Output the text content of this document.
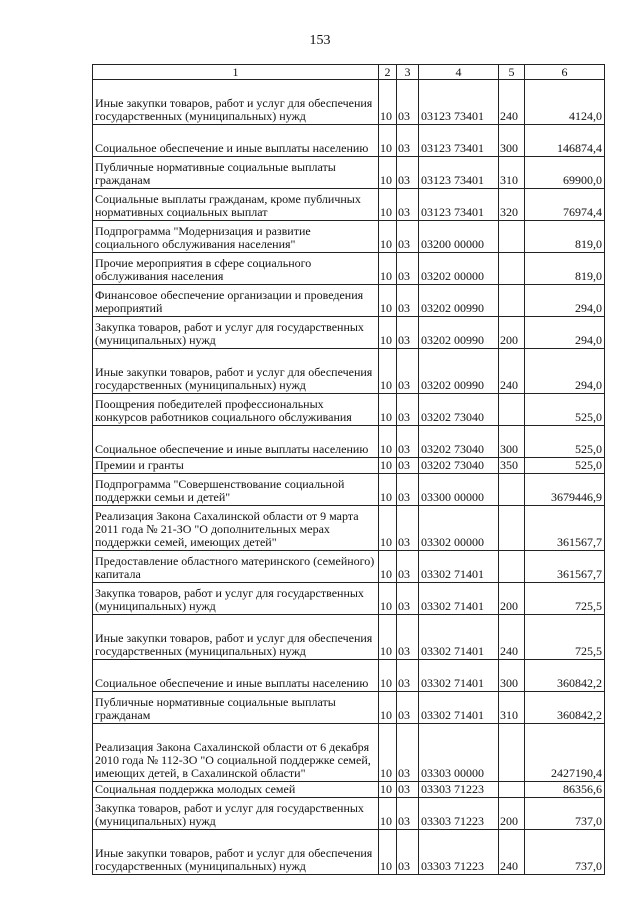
153
1	2	3	4	5	6
Иные закупки товаров, работ и услуг для обеспечения государственных (муниципальных) нужд	10	03	03123 73401	240	4124,0
Социальное обеспечение и иные выплаты населению	10	03	03123 73401	300	146874,4
Публичные нормативные социальные выплаты гражданам	10	03	03123 73401	310	69900,0
Социальные выплаты гражданам, кроме публичных нормативных социальных выплат	10	03	03123 73401	320	76974,4
Подпрограмма "Модернизация и развитие социального обслуживания населения"	10	03	03200 00000		819,0
Прочие мероприятия в сфере социального обслуживания населения	10	03	03202 00000		819,0
Финансовое обеспечение организации и проведения мероприятий	10	03	03202 00990		294,0
Закупка товаров, работ и услуг для государственных (муниципальных) нужд	10	03	03202 00990	200	294,0
Иные закупки товаров, работ и услуг для обеспечения государственных (муниципальных) нужд	10	03	03202 00990	240	294,0
Поощрения победителей профессиональных конкурсов работников социального обслуживания	10	03	03202 73040		525,0
Социальное обеспечение и иные выплаты населению	10	03	03202 73040	300	525,0
Премии и гранты	10	03	03202 73040	350	525,0
Подпрограмма "Совершенствование социальной поддержки семьи и детей"	10	03	03300 00000		3679446,9
Реализация Закона Сахалинской области от 9 марта 2011 года № 21-ЗО "О дополнительных мерах поддержки семей, имеющих детей"	10	03	03302 00000		361567,7
Предоставление областного материнского (семейного) капитала	10	03	03302 71401		361567,7
Закупка товаров, работ и услуг для государственных (муниципальных) нужд	10	03	03302 71401	200	725,5
Иные закупки товаров, работ и услуг для обеспечения государственных (муниципальных) нужд	10	03	03302 71401	240	725,5
Социальное обеспечение и иные выплаты населению	10	03	03302 71401	300	360842,2
Публичные нормативные социальные выплаты гражданам	10	03	03302 71401	310	360842,2
Реализация Закона Сахалинской области от 6 декабря 2010 года № 112-ЗО "О социальной поддержке семей, имеющих детей, в Сахалинской области"	10	03	03303 00000		2427190,4
Социальная поддержка молодых семей	10	03	03303 71223		86356,6
Закупка товаров, работ и услуг для государственных (муниципальных) нужд	10	03	03303 71223	200	737,0
Иные закупки товаров, работ и услуг для обеспечения государственных (муниципальных) нужд	10	03	03303 71223	240	737,0
